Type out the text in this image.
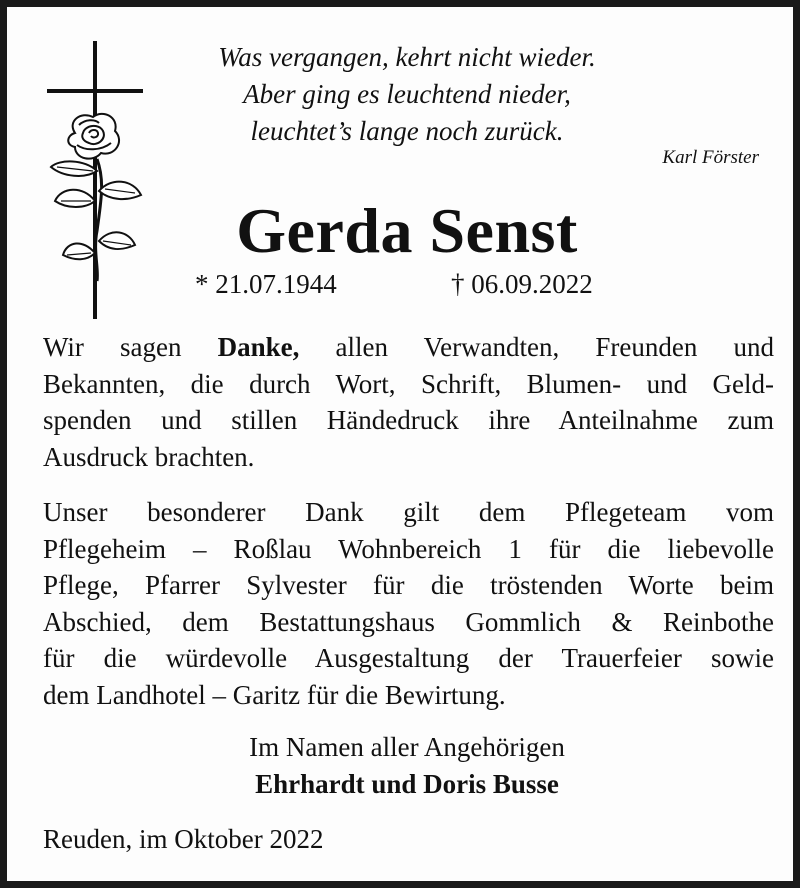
Was vergangen, kehrt nicht wieder.
Aber ging es leuchtend nieder,
leuchtet’s lange noch zurück.
Karl Förster
Gerda Senst
* 21.07.1944	† 06.09.2022
Wir sagen Danke, allen Verwandten, Freunden und
Bekannten, die durch Wort, Schrift, Blumen- und Geld-
spenden und stillen Händedruck ihre Anteilnahme zum
Ausdruck brachten.
Unser besonderer Dank gilt dem Pflegeteam vom
Pflegeheim – Roßlau Wohnbereich 1 für die liebevolle
Pflege, Pfarrer Sylvester für die tröstenden Worte beim
Abschied, dem Bestattungshaus Gommlich & Reinbothe
für die würdevolle Ausgestaltung der Trauerfeier sowie
dem Landhotel – Garitz für die Bewirtung.
Im Namen aller Angehörigen
Ehrhardt und Doris Busse
Reuden, im Oktober 2022
